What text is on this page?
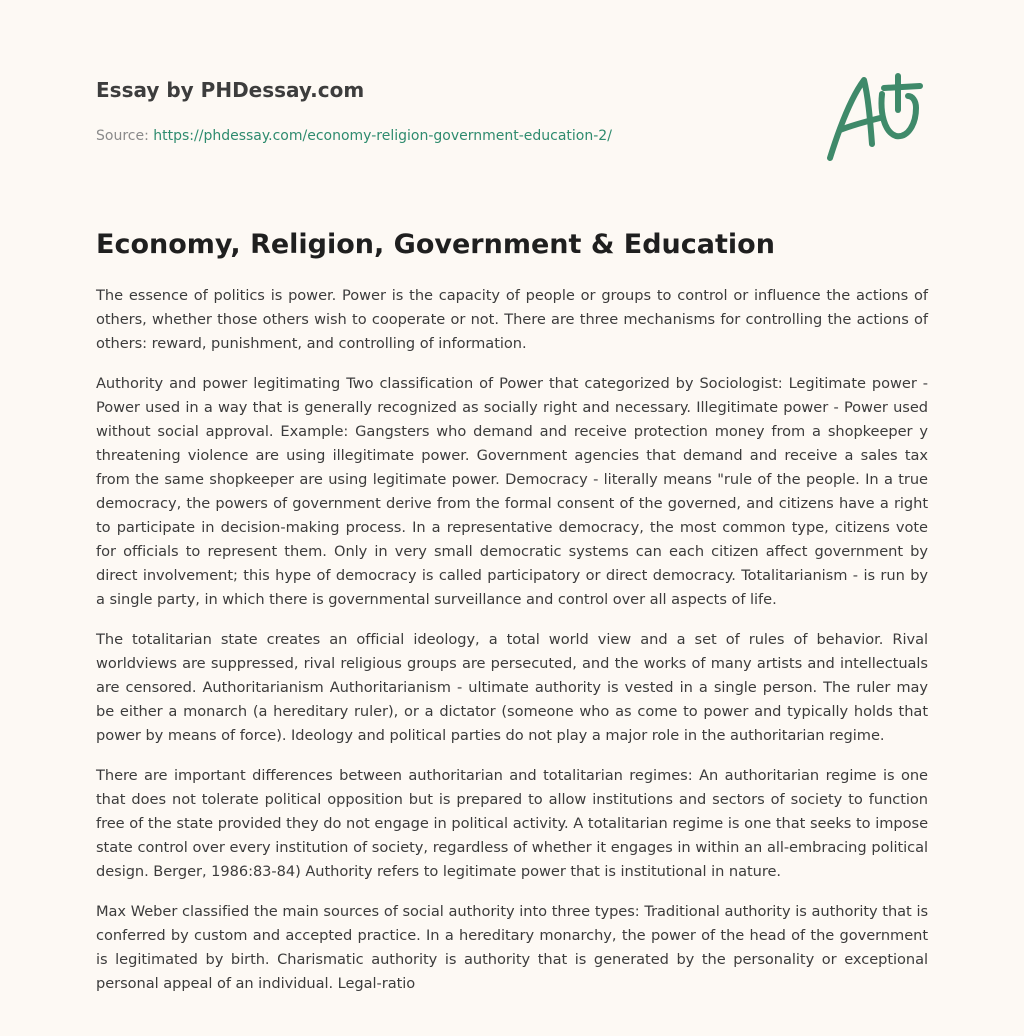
Essay by PHDessay.com
Source: https://phdessay.com/economy-religion-government-education-2/
Economy, Religion, Government & Education

The essence of politics is power. Power is the capacity of people or groups to control or influence the actions of others, whether those others wish to cooperate or not. There are three mechanisms for controlling the actions of others: reward, punishment, and controlling of information.

Authority and power legitimating Two classification of Power that categorized by Sociologist: Legitimate power - Power used in a way that is generally recognized as socially right and necessary. Illegitimate power - Power used without social approval. Example: Gangsters who demand and receive protection money from a shopkeeper y threatening violence are using illegitimate power. Government agencies that demand and receive a sales tax from the same shopkeeper are using legitimate power. Democracy - literally means "rule of the people. In a true democracy, the powers of government derive from the formal consent of the governed, and citizens have a right to participate in decision-making process. In a representative democracy, the most common type, citizens vote for officials to represent them. Only in very small democratic systems can each citizen affect government by direct involvement; this hype of democracy is called participatory or direct democracy. Totalitarianism - is run by a single party, in which there is governmental surveillance and control over all aspects of life.

The totalitarian state creates an official ideology, a total world view and a set of rules of behavior. Rival worldviews are suppressed, rival religious groups are persecuted, and the works of many artists and intellectuals are censored. Authoritarianism Authoritarianism - ultimate authority is vested in a single person. The ruler may be either a monarch (a hereditary ruler), or a dictator (someone who as come to power and typically holds that power by means of force). Ideology and political parties do not play a major role in the authoritarian regime.

There are important differences between authoritarian and totalitarian regimes: An authoritarian regime is one that does not tolerate political opposition but is prepared to allow institutions and sectors of society to function free of the state provided they do not engage in political activity. A totalitarian regime is one that seeks to impose state control over every institution of society, regardless of whether it engages in within an all-embracing political design. Berger, 1986:83-84) Authority refers to legitimate power that is institutional in nature.

Max Weber classified the main sources of social authority into three types: Traditional authority is authority that is conferred by custom and accepted practice. In a hereditary monarchy, the power of the head of the government is legitimated by birth. Charismatic authority is authority that is generated by the personality or exceptional personal appeal of an individual. Legal-ratio
